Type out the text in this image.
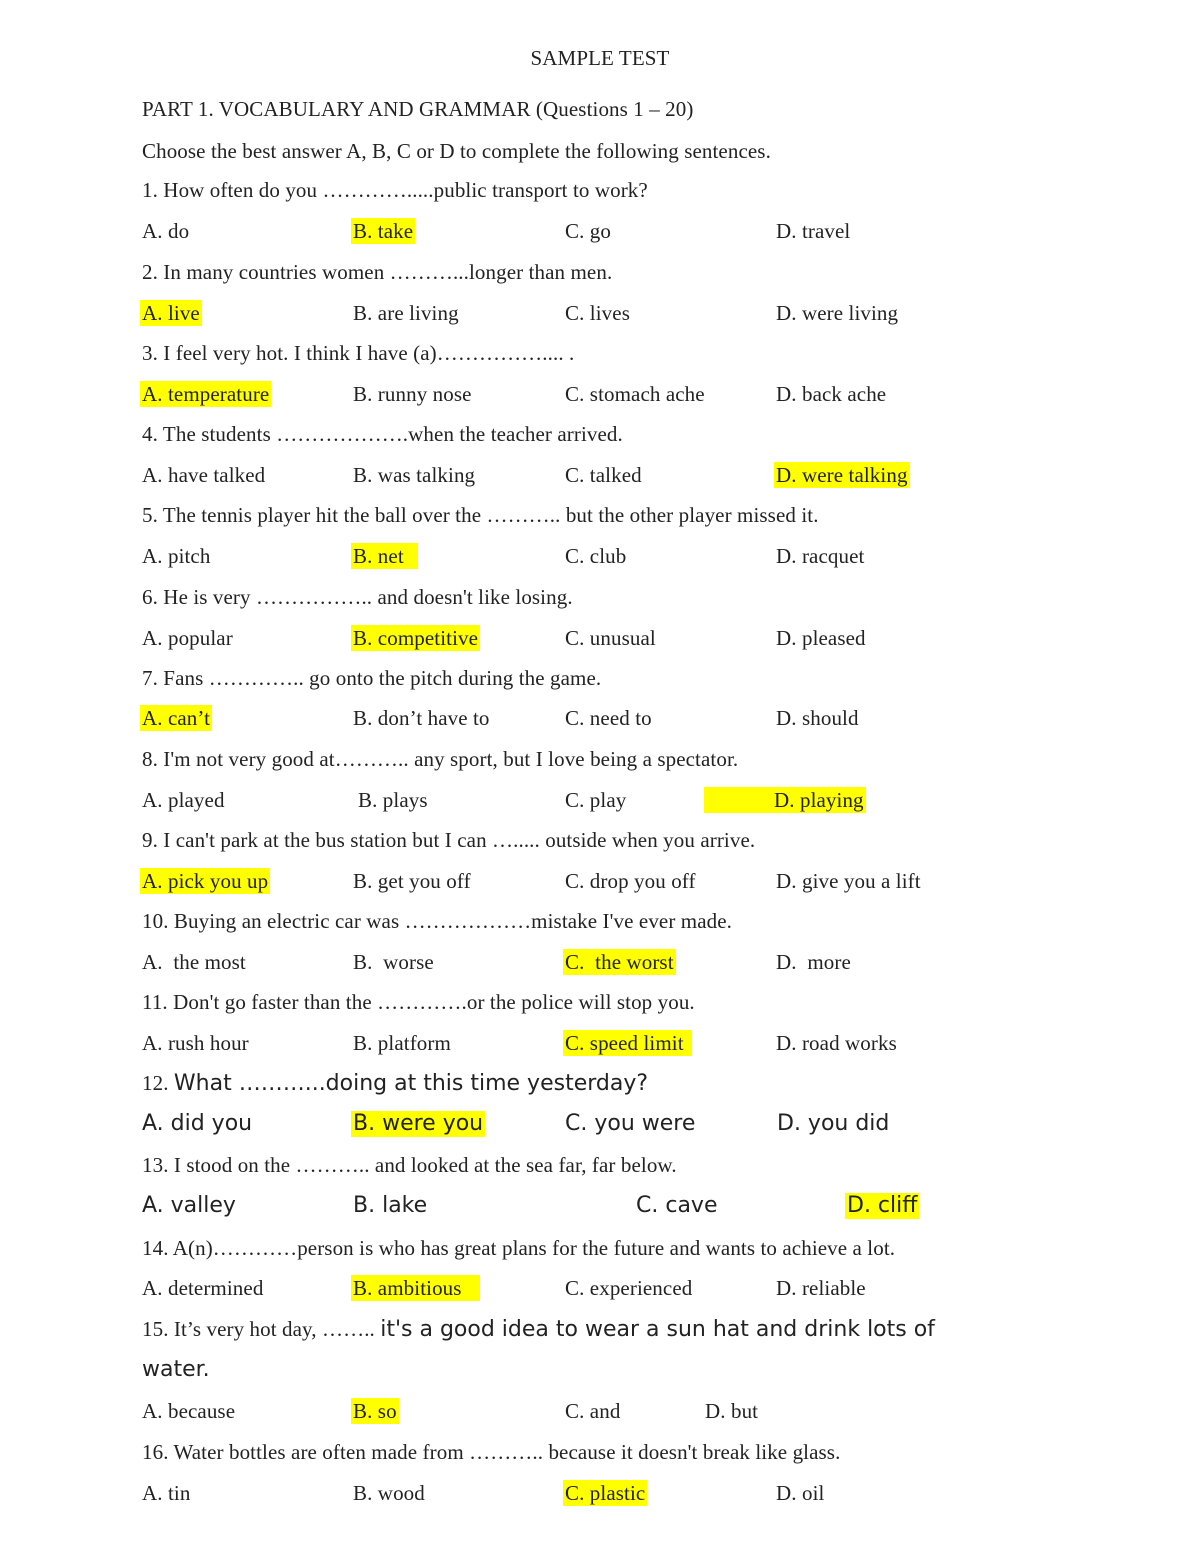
SAMPLE TEST
PART 1. VOCABULARY AND GRAMMAR (Questions 1 – 20)
Choose the best answer A, B, C or D to complete the following sentences.
1. How often do you ………….....public transport to work?
A. do	B. take	C. go	D. travel
2. In many countries women ………...longer than men.
A. live	B. are living	C. lives	D. were living
3. I feel very hot. I think I have (a)…………….... .
A. temperature	B. runny nose	C. stomach ache	D. back ache
4. The students ……………….when the teacher arrived.
A. have talked	B. was talking	C. talked	D. were talking
5. The tennis player hit the ball over the ……….. but the other player missed it.
A. pitch	B. net	C. club	D. racquet
6. He is very …………….. and doesn't like losing.
A. popular	B. competitive	C. unusual	D. pleased
7. Fans ………….. go onto the pitch during the game.
A. can’t	B. don’t have to	C. need to	D. should
8. I'm not very good at……….. any sport, but I love being a spectator.
A. played	B. plays	C. play	D. playing
9. I can't park at the bus station but I can …..... outside when you arrive.
A. pick you up	B. get you off	C. drop you off	D. give you a lift
10. Buying an electric car was ………………mistake I've ever made.
A.  the most	B.  worse	C.  the worst	D.  more
11. Don't go faster than the ………….or the police will stop you.
A. rush hour	B. platform	C. speed limit	D. road works
12. What ………...doing at this time yesterday?
A. did you	B. were you	C. you were	D. you did
13. I stood on the ……….. and looked at the sea far, far below.
A. valley	B. lake	C. cave	D. cliff
14. A(n)…………person is who has great plans for the future and wants to achieve a lot.
A. determined	B. ambitious	C. experienced	D. reliable
15. It’s very hot day, …….. it's a good idea to wear a sun hat and drink lots of
water.
A. because	B. so	C. and	D. but
16. Water bottles are often made from ……….. because it doesn't break like glass.
A. tin	B. wood	C. plastic	D. oil
